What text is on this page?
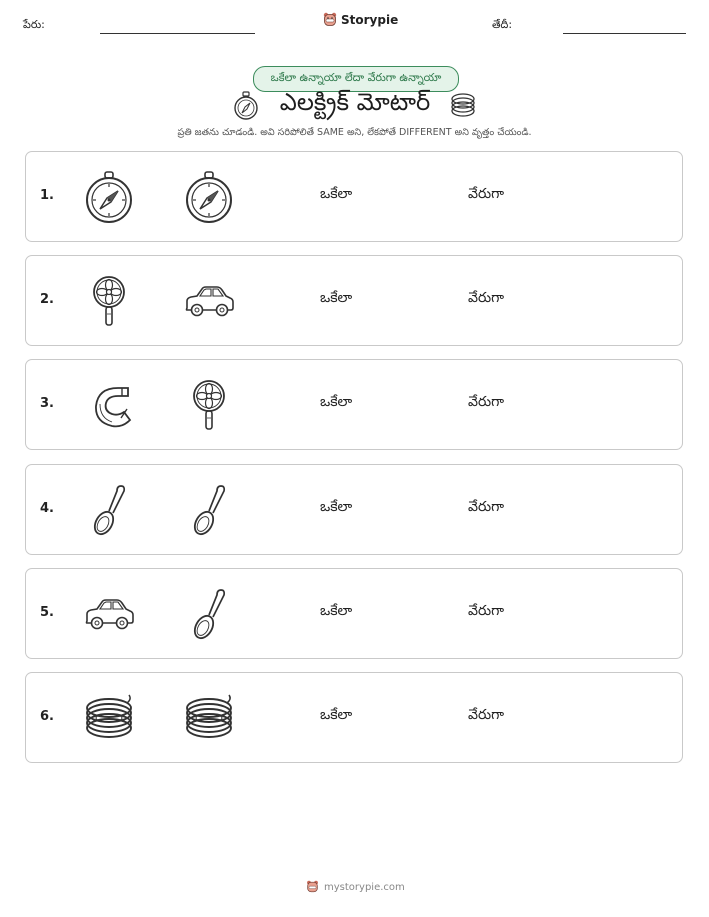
పేరు:	Storypie	తేదీ:
ఒకేలా ఉన్నాయా లేదా వేరుగా ఉన్నాయా
ఎలక్ట్రిక్ మోటార్
ప్రతి జతను చూడండి. అవి సరిపోలితే SAME అని, లేకపోతే DIFFERENT అని వృత్తం చేయండి.
1.	ఒకేలా	వేరుగా
2.	ఒకేలా	వేరుగా
3.	ఒకేలా	వేరుగా
4.	ఒకేలా	వేరుగా
5.	ఒకేలా	వేరుగా
6.	ఒకేలా	వేరుగా
mystorypie.com
